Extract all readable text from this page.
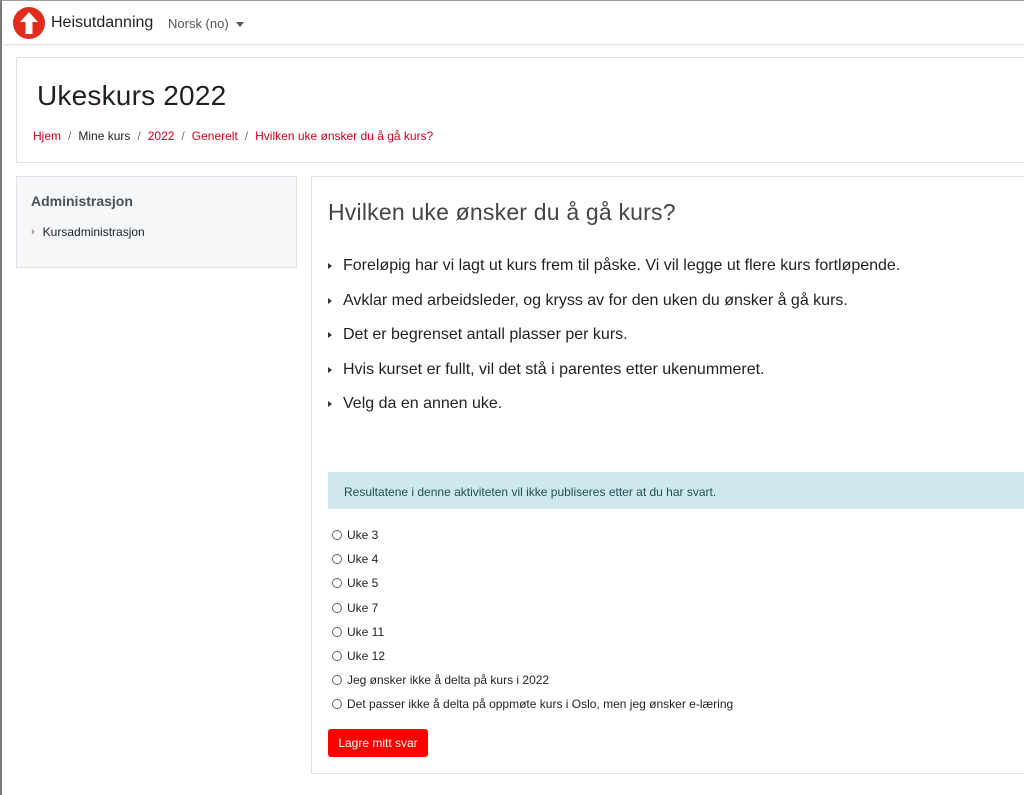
Heisutdanning Norsk (no)
Ukeskurs 2022
Hjem / Mine kurs / 2022 / Generelt / Hvilken uke ønsker du å gå kurs?
Administrasjon
› Kursadministrasjon
Hvilken uke ønsker du å gå kurs?
Foreløpig har vi lagt ut kurs frem til påske. Vi vil legge ut flere kurs fortløpende.
Avklar med arbeidsleder, og kryss av for den uken du ønsker å gå kurs.
Det er begrenset antall plasser per kurs.
Hvis kurset er fullt, vil det stå i parentes etter ukenummeret.
Velg da en annen uke.
Resultatene i denne aktiviteten vil ikke publiseres etter at du har svart.
Uke 3
Uke 4
Uke 5
Uke 7
Uke 11
Uke 12
Jeg ønsker ikke å delta på kurs i 2022
Det passer ikke å delta på oppmøte kurs i Oslo, men jeg ønsker e-læring
Lagre mitt svar
